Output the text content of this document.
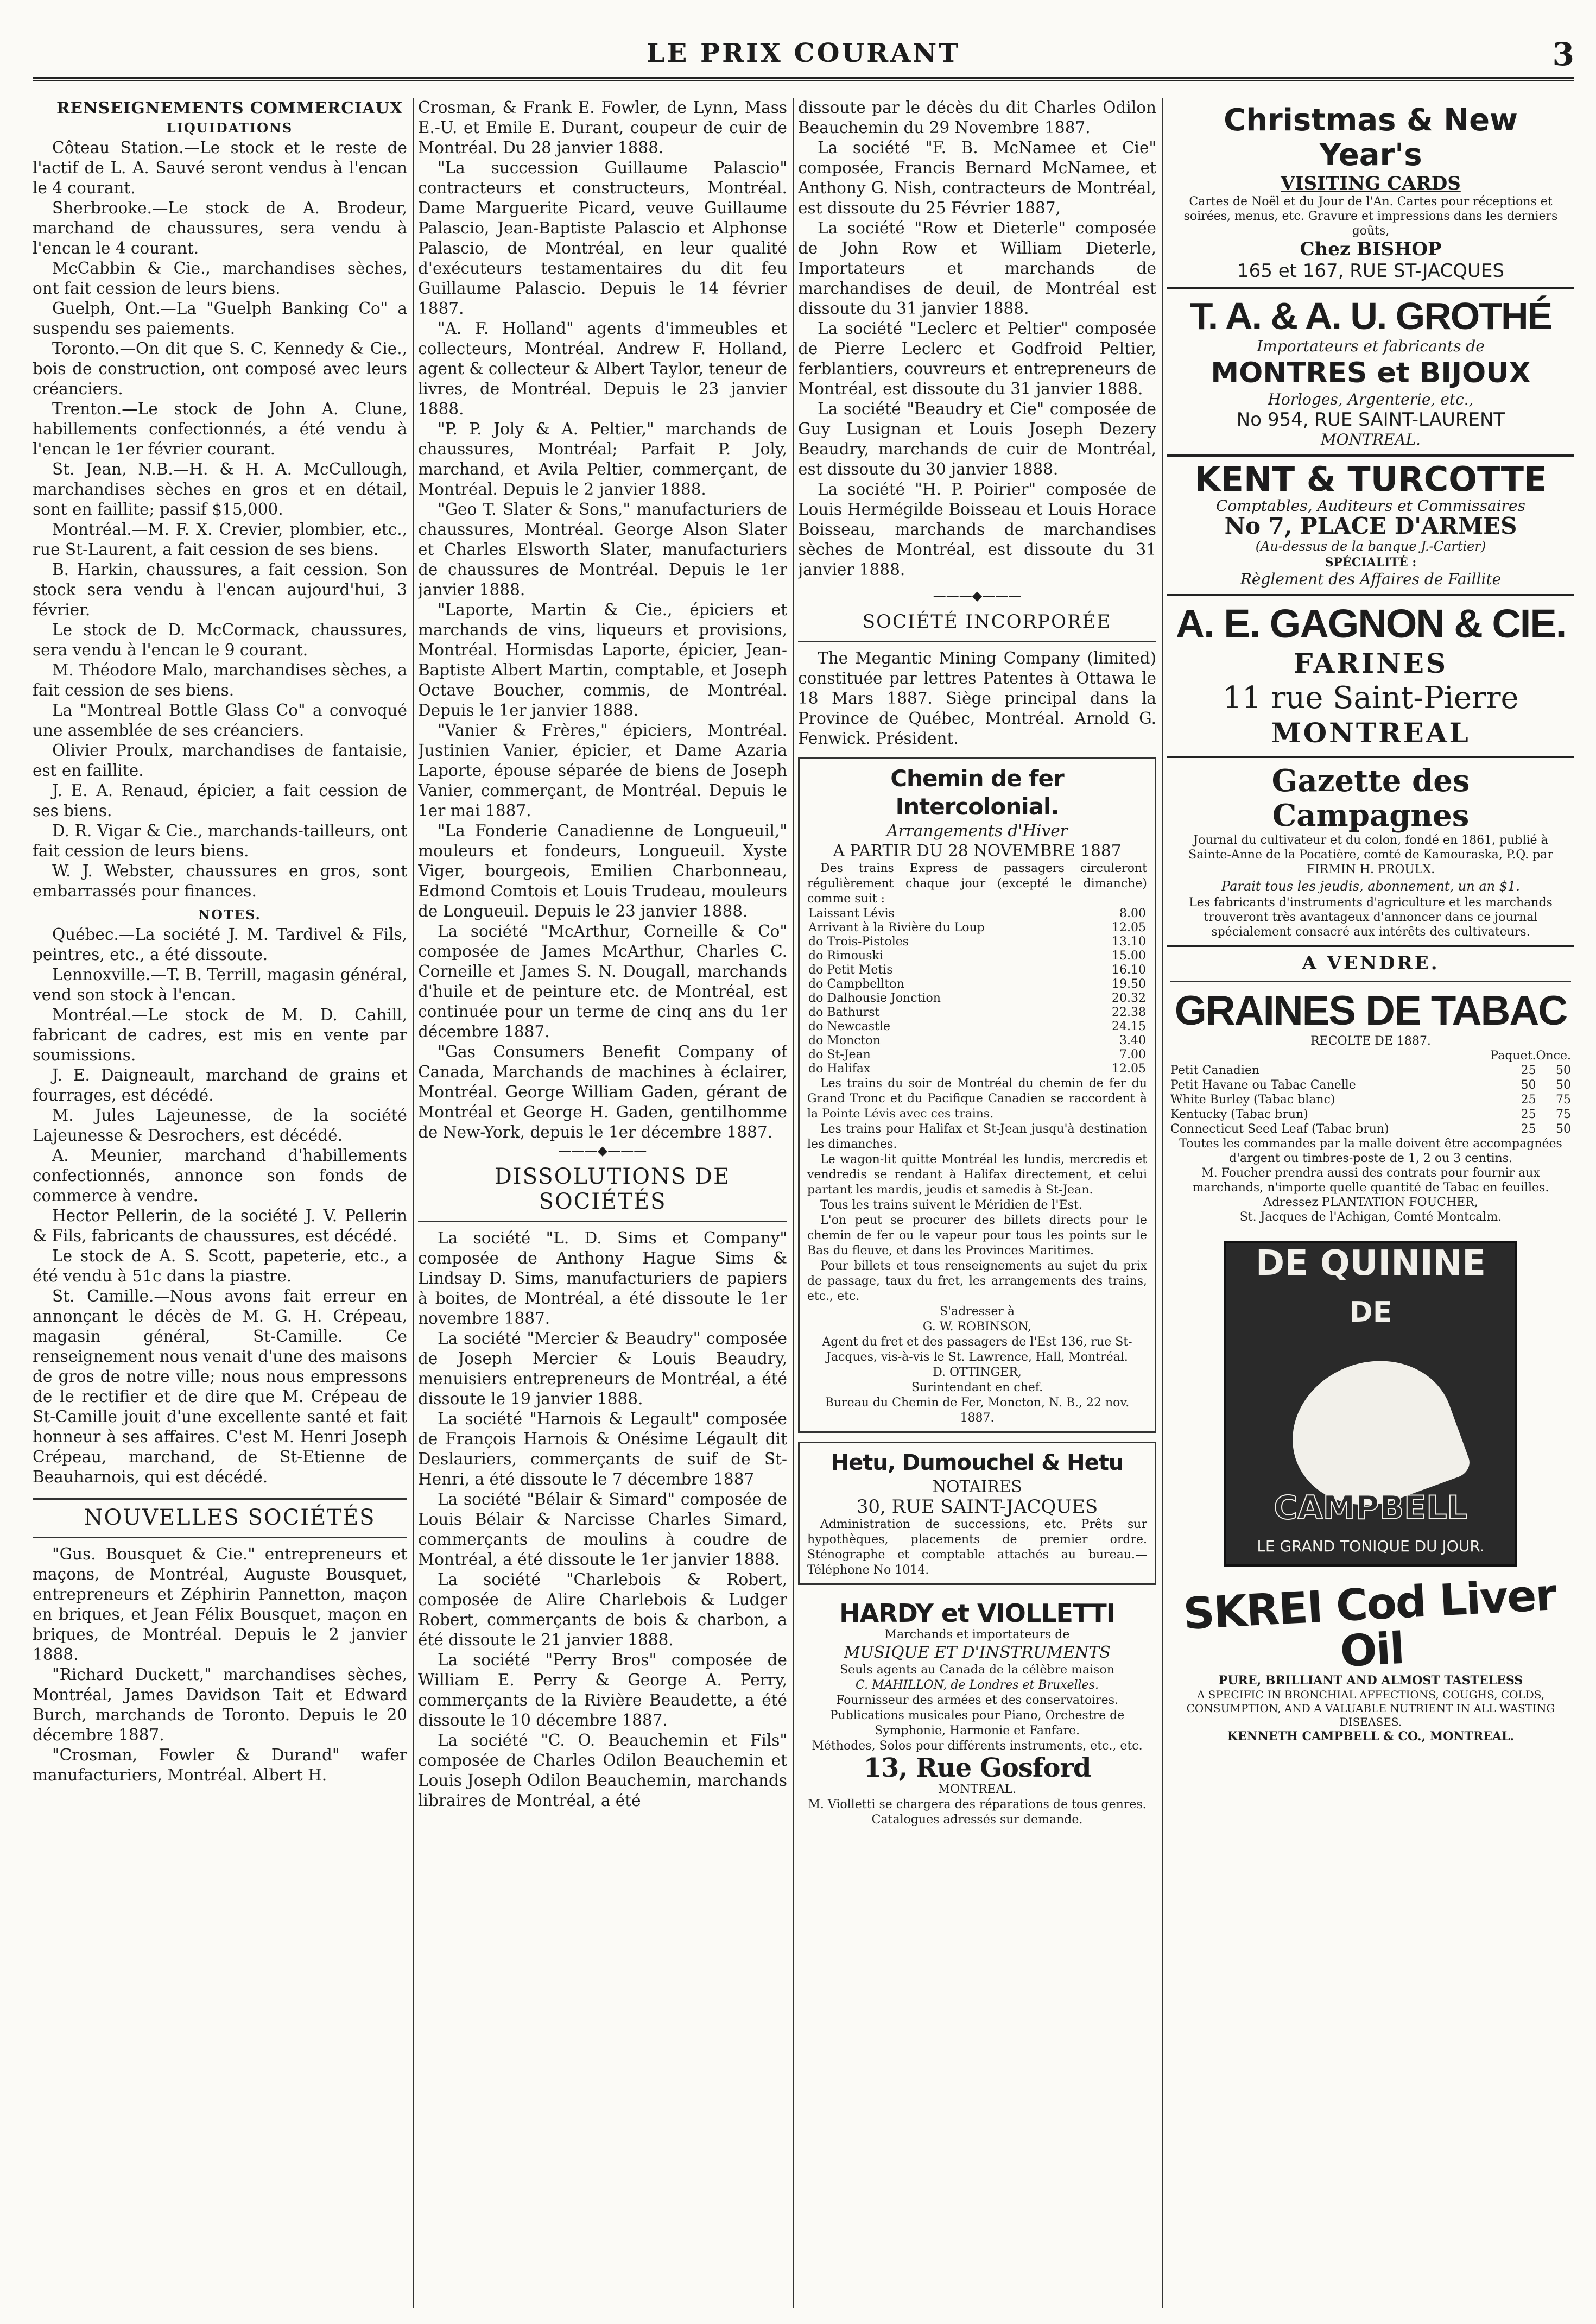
LE PRIX COURANT	3

RENSEIGNEMENTS COMMERCIAUX

LIQUIDATIONS

Côteau Station.—Le stock et le reste de l'actif de L. A. Sauvé seront vendus à l'encan le 4 courant.

Sherbrooke.—Le stock de A. Brodeur, marchand de chaussures, sera vendu à l'encan le 4 courant.

McCabbin & Cie., marchandises sèches, ont fait cession de leurs biens.

Guelph, Ont.—La "Guelph Banking Co" a suspendu ses paiements.

Toronto.—On dit que S. C. Kennedy & Cie., bois de construction, ont composé avec leurs créanciers.

Trenton.—Le stock de John A. Clune, habillements confectionnés, a été vendu à l'encan le 1er février courant.

St. Jean, N.B.—H. & H. A. McCullough, marchandises sèches en gros et en détail, sont en faillite; passif $15,000.

Montréal.—M. F. X. Crevier, plombier, etc., rue St-Laurent, a fait cession de ses biens.

B. Harkin, chaussures, a fait cession. Son stock sera vendu à l'encan aujourd'hui, 3 février.

Le stock de D. McCormack, chaussures, sera vendu à l'encan le 9 courant.

M. Théodore Malo, marchandises sèches, a fait cession de ses biens.

La "Montreal Bottle Glass Co" a convoqué une assemblée de ses créanciers.

Olivier Proulx, marchandises de fantaisie, est en faillite.

J. E. A. Renaud, épicier, a fait cession de ses biens.

D. R. Vigar & Cie., marchands-tailleurs, ont fait cession de leurs biens.

W. J. Webster, chaussures en gros, sont embarrassés pour finances.

NOTES.

Québec.—La société J. M. Tardivel & Fils, peintres, etc., a été dissoute.

Lennoxville.—T. B. Terrill, magasin général, vend son stock à l'encan.

Montréal.—Le stock de M. D. Cahill, fabricant de cadres, est mis en vente par soumissions.

J. E. Daigneault, marchand de grains et fourrages, est décédé.

M. Jules Lajeunesse, de la société Lajeunesse & Desrochers, est décédé.

A. Meunier, marchand d'habillements confectionnés, annonce son fonds de commerce à vendre.

Hector Pellerin, de la société J. V. Pellerin & Fils, fabricants de chaussures, est décédé.

Le stock de A. S. Scott, papeterie, etc., a été vendu à 51c dans la piastre.

St. Camille.—Nous avons fait erreur en annonçant le décès de M. G. H. Crépeau, magasin général, St-Camille. Ce renseignement nous venait d'une des maisons de gros de notre ville; nous nous empressons de le rectifier et de dire que M. Crépeau de St-Camille jouit d'une excellente santé et fait honneur à ses affaires. C'est M. Henri Joseph Crépeau, marchand, de St-Etienne de Beauharnois, qui est décédé.

NOUVELLES SOCIÉTÉS

"Gus. Bousquet & Cie." entrepreneurs et maçons, de Montréal, Auguste Bousquet, entrepreneurs et Zéphirin Pannetton, maçon en briques, et Jean Félix Bousquet, maçon en briques, de Montréal. Depuis le 2 janvier 1888.

"Richard Duckett," marchandises sèches, Montréal, James Davidson Tait et Edward Burch, marchands de Toronto. Depuis le 20 décembre 1887.

"Crosman, Fowler & Durand" wafer manufacturiers, Montréal. Albert H.

Crosman, & Frank E. Fowler, de Lynn, Mass E.-U. et Emile E. Durant, coupeur de cuir de Montréal. Du 28 janvier 1888.

"La succession Guillaume Palascio" contracteurs et constructeurs, Montréal. Dame Marguerite Picard, veuve Guillaume Palascio, Jean-Baptiste Palascio et Alphonse Palascio, de Montréal, en leur qualité d'exécuteurs testamentaires du dit feu Guillaume Palascio. Depuis le 14 février 1887.

"A. F. Holland" agents d'immeubles et collecteurs, Montréal. Andrew F. Holland, agent & collecteur & Albert Taylor, teneur de livres, de Montréal. Depuis le 23 janvier 1888.

"P. P. Joly & A. Peltier," marchands de chaussures, Montréal; Parfait P. Joly, marchand, et Avila Peltier, commerçant, de Montréal. Depuis le 2 janvier 1888.

"Geo T. Slater & Sons," manufacturiers de chaussures, Montréal. George Alson Slater et Charles Elsworth Slater, manufacturiers de chaussures de Montréal. Depuis le 1er janvier 1888.

"Laporte, Martin & Cie., épiciers et marchands de vins, liqueurs et provisions, Montréal. Hormisdas Laporte, épicier, Jean-Baptiste Albert Martin, comptable, et Joseph Octave Boucher, commis, de Montréal. Depuis le 1er janvier 1888.

"Vanier & Frères," épiciers, Montréal. Justinien Vanier, épicier, et Dame Azaria Laporte, épouse séparée de biens de Joseph Vanier, commerçant, de Montréal. Depuis le 1er mai 1887.

"La Fonderie Canadienne de Longueuil," mouleurs et fondeurs, Longueuil. Xyste Viger, bourgeois, Emilien Charbonneau, Edmond Comtois et Louis Trudeau, mouleurs de Longueuil. Depuis le 23 janvier 1888.

La société "McArthur, Corneille & Co" composée de James McArthur, Charles C. Corneille et James S. N. Dougall, marchands d'huile et de peinture etc. de Montréal, est continuée pour un terme de cinq ans du 1er décembre 1887.

"Gas Consumers Benefit Company of Canada, Marchands de machines à éclairer, Montréal. George William Gaden, gérant de Montréal et George H. Gaden, gentilhomme de New-York, depuis le 1er décembre 1887.

———◆———

DISSOLUTIONS DE SOCIÉTÉS

La société "L. D. Sims et Company" composée de Anthony Hague Sims & Lindsay D. Sims, manufacturiers de papiers à boites, de Montréal, a été dissoute le 1er novembre 1887.

La société "Mercier & Beaudry" composée de Joseph Mercier & Louis Beaudry, menuisiers entrepreneurs de Montréal, a été dissoute le 19 janvier 1888.

La société "Harnois & Legault" composée de François Harnois & Onésime Légault dit Deslauriers, commerçants de suif de St-Henri, a été dissoute le 7 décembre 1887

La société "Bélair & Simard" composée de Louis Bélair & Narcisse Charles Simard, commerçants de moulins à coudre de Montréal, a été dissoute le 1er janvier 1888.

La société "Charlebois & Robert, composée de Alire Charlebois & Ludger Robert, commerçants de bois & charbon, a été dissoute le 21 janvier 1888.

La société "Perry Bros" composée de William E. Perry & George A. Perry, commerçants de la Rivière Beaudette, a été dissoute le 10 décembre 1887.

La société "C. O. Beauchemin et Fils" composée de Charles Odilon Beauchemin et Louis Joseph Odilon Beauchemin, marchands libraires de Montréal, a été

dissoute par le décès du dit Charles Odilon Beauchemin du 29 Novembre 1887.

La société "F. B. McNamee et Cie" composée, Francis Bernard McNamee, et Anthony G. Nish, contracteurs de Montréal, est dissoute du 25 Février 1887,

La société "Row et Dieterle" composée de John Row et William Dieterle, Importateurs et marchands de marchandises de deuil, de Montréal est dissoute du 31 janvier 1888.

La société "Leclerc et Peltier" composée de Pierre Leclerc et Godfroid Peltier, ferblantiers, couvreurs et entrepreneurs de Montréal, est dissoute du 31 janvier 1888.

La société "Beaudry et Cie" composée de Guy Lusignan et Louis Joseph Dezery Beaudry, marchands de cuir de Montréal, est dissoute du 30 janvier 1888.

La société "H. P. Poirier" composée de Louis Hermégilde Boisseau et Louis Horace Boisseau, marchands de marchandises sèches de Montréal, est dissoute du 31 janvier 1888.

———◆———

SOCIÉTÉ INCORPORÉE

The Megantic Mining Company (limited) constituée par lettres Patentes à Ottawa le 18 Mars 1887. Siège principal dans la Province de Québec, Montréal. Arnold G. Fenwick. Président.

Chemin de fer Intercolonial.

Arrangements d'Hiver

A PARTIR DU 28 NOVEMBRE 1887

Des trains Express de passagers circuleront régulièrement chaque jour (excepté le dimanche) comme suit :

Laissant Lévis	8.00
Arrivant à la Rivière du Loup	12.05
do Trois-Pistoles	13.10
do Rimouski	15.00
do Petit Metis	16.10
do Campbellton	19.50
do Dalhousie Jonction	20.32
do Bathurst	22.38
do Newcastle	24.15
do Moncton	3.40
do St-Jean	7.00
do Halifax	12.05

Les trains du soir de Montréal du chemin de fer du Grand Tronc et du Pacifique Canadien se raccordent à la Pointe Lévis avec ces trains.

Les trains pour Halifax et St-Jean jusqu'à destination les dimanches.

Le wagon-lit quitte Montréal les lundis, mercredis et vendredis se rendant à Halifax directement, et celui partant les mardis, jeudis et samedis à St-Jean.

Tous les trains suivent le Méridien de l'Est.

L'on peut se procurer des billets directs pour le chemin de fer ou le vapeur pour tous les points sur le Bas du fleuve, et dans les Provinces Maritimes.

Pour billets et tous renseignements au sujet du prix de passage, taux du fret, les arrangements des trains, etc., etc.

S'adresser à

G. W. ROBINSON,

Agent du fret et des passagers de l'Est 136, rue St-Jacques, vis-à-vis le St. Lawrence, Hall, Montréal.

D. OTTINGER,

Surintendant en chef.

Bureau du Chemin de Fer, Moncton, N. B., 22 nov. 1887.

Hetu, Dumouchel & Hetu

NOTAIRES

30, RUE SAINT-JACQUES

Administration de successions, etc. Prêts sur hypothèques, placements de premier ordre. Sténographe et comptable attachés au bureau.—Téléphone No 1014.

HARDY et VIOLLETTI

Marchands et importateurs de

MUSIQUE ET D'INSTRUMENTS

Seuls agents au Canada de la célèbre maison

C. MAHILLON, de Londres et Bruxelles.

Fournisseur des armées et des conservatoires.

Publications musicales pour Piano, Orchestre de Symphonie, Harmonie et Fanfare.

Méthodes, Solos pour différents instruments, etc., etc.

13, Rue Gosford

MONTREAL.

M. Violletti se chargera des réparations de tous genres. Catalogues adressés sur demande.

Christmas & New Year's
VISITING CARDS
Cartes de Noël et du Jour de l'An. Cartes pour réceptions et soirées, menus, etc. Gravure et impressions dans les derniers goûts,
Chez BISHOP
165 et 167, RUE ST-JACQUES
T. A. & A. U. GROTHÉ
Importateurs et fabricants de
MONTRES et BIJOUX
Horloges, Argenterie, etc.,
No 954, RUE SAINT-LAURENT
MONTREAL.
KENT & TURCOTTE
Comptables, Auditeurs et Commissaires
No 7, PLACE D'ARMES
(Au-dessus de la banque J.-Cartier)
SPÉCIALITÉ :
Règlement des Affaires de Faillite
A. E. GAGNON & CIE.
FARINES
11 rue Saint-Pierre
MONTREAL
Gazette des Campagnes
Journal du cultivateur et du colon, fondé en 1861, publié à Sainte-Anne de la Pocatière, comté de Kamouraska, P.Q. par FIRMIN H. PROULX.
Parait tous les jeudis, abonnement, un an $1.
Les fabricants d'instruments d'agriculture et les marchands trouveront très avantageux d'annoncer dans ce journal spécialement consacré aux intérêts des cultivateurs.
A VENDRE.
GRAINES DE TABAC
RECOLTE DE 1887.
	Paquet.	Once.
Petit Canadien	25	50
Petit Havane ou Tabac Canelle	50	50
White Burley (Tabac blanc)	25	75
Kentucky (Tabac brun)	25	75
Connecticut Seed Leaf (Tabac brun)	25	50
Toutes les commandes par la malle doivent être accompagnées d'argent ou timbres-poste de 1, 2 ou 3 centins.
M. Foucher prendra aussi des contrats pour fournir aux marchands, n'importe quelle quantité de Tabac en feuilles.
Adressez PLANTATION FOUCHER,
St. Jacques de l'Achigan, Comté Montcalm.
DE QUININE
DE
CAMPBELL
LE GRAND TONIQUE DU JOUR.
SKREI Cod Liver Oil
PURE, BRILLIANT AND ALMOST TASTELESS
A SPECIFIC IN BRONCHIAL AFFECTIONS, COUGHS, COLDS, CONSUMPTION, AND A VALUABLE NUTRIENT IN ALL WASTING DISEASES.
KENNETH CAMPBELL & CO., MONTREAL.
